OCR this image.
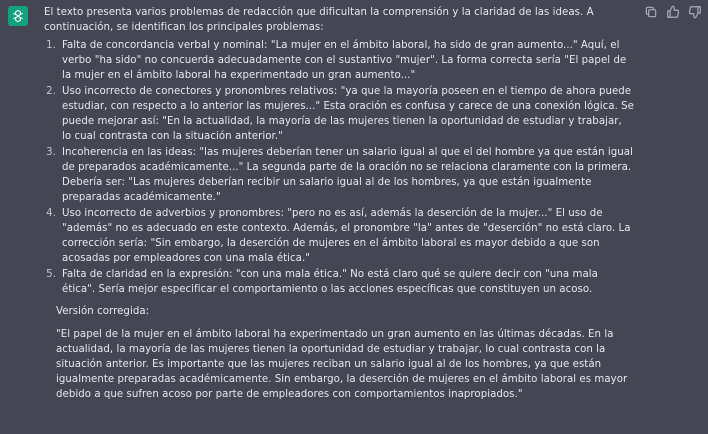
El texto presenta varios problemas de redacción que dificultan la comprensión y la claridad de las ideas. A continuación, se identifican los principales problemas:

1. Falta de concordancia verbal y nominal: "La mujer en el ámbito laboral, ha sido de gran aumento..." Aquí, el verbo "ha sido" no concuerda adecuadamente con el sustantivo "mujer". La forma correcta sería "El papel de la mujer en el ámbito laboral ha experimentado un gran aumento..."
2. Uso incorrecto de conectores y pronombres relativos: "ya que la mayoría poseen en el tiempo de ahora puede estudiar, con respecto a lo anterior las mujeres..." Esta oración es confusa y carece de una conexión lógica. Se puede mejorar así: "En la actualidad, la mayoría de las mujeres tienen la oportunidad de estudiar y trabajar, lo cual contrasta con la situación anterior."
3. Incoherencia en las ideas: "las mujeres deberían tener un salario igual al que el del hombre ya que están igual de preparados académicamente..." La segunda parte de la oración no se relaciona claramente con la primera. Debería ser: "Las mujeres deberían recibir un salario igual al de los hombres, ya que están igualmente preparadas académicamente."
4. Uso incorrecto de adverbios y pronombres: "pero no es así, además la deserción de la mujer..." El uso de "además" no es adecuado en este contexto. Además, el pronombre "la" antes de "deserción" no está claro. La corrección sería: "Sin embargo, la deserción de mujeres en el ámbito laboral es mayor debido a que son acosadas por empleadores con una mala ética."
5. Falta de claridad en la expresión: "con una mala ética." No está claro qué se quiere decir con "una mala ética". Sería mejor especificar el comportamiento o las acciones específicas que constituyen un acoso.

Versión corregida:

"El papel de la mujer en el ámbito laboral ha experimentado un gran aumento en las últimas décadas. En la actualidad, la mayoría de las mujeres tienen la oportunidad de estudiar y trabajar, lo cual contrasta con la situación anterior. Es importante que las mujeres reciban un salario igual al de los hombres, ya que están igualmente preparadas académicamente. Sin embargo, la deserción de mujeres en el ámbito laboral es mayor debido a que sufren acoso por parte de empleadores con comportamientos inapropiados."
